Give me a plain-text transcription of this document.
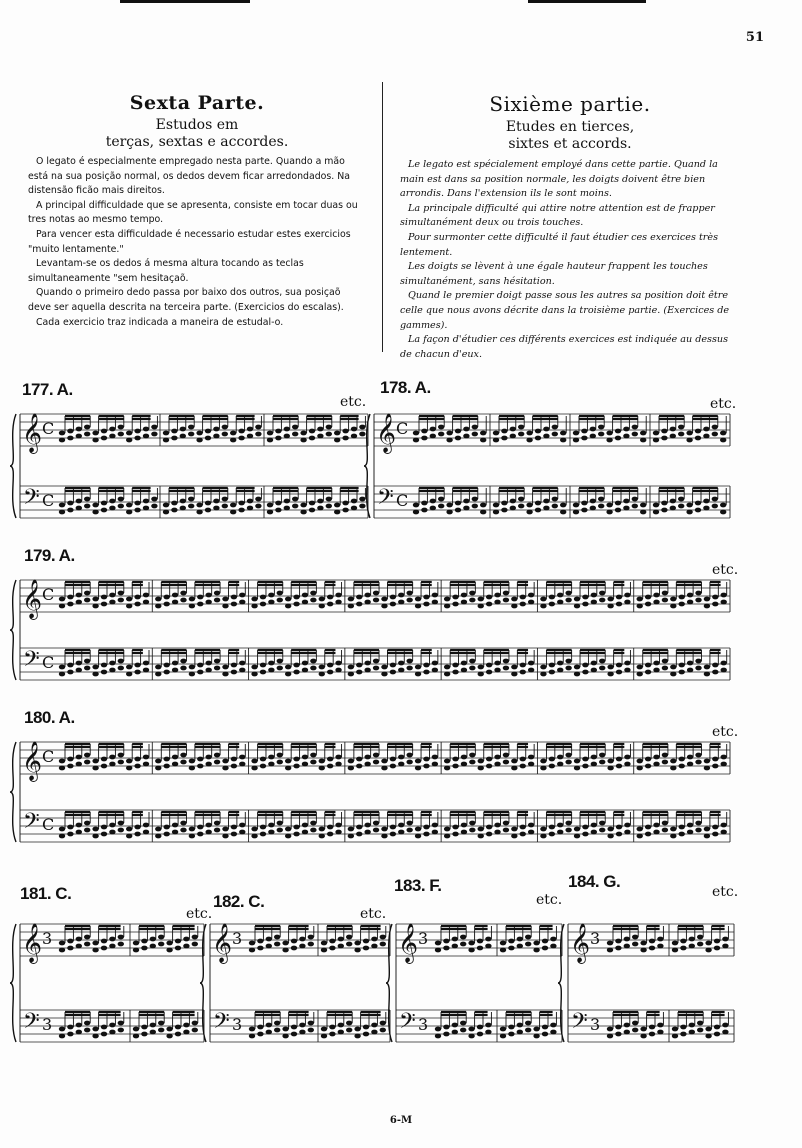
51
Sexta Parte.
Estudos em
terças, sextas e accordes.

O legato é especialmente empregado nesta parte. Quando a mão está na sua posição normal, os dedos devem ficar arredondados. Na distensão ficão mais direitos.

A principal difficuldade que se apresenta, consiste em tocar duas ou tres notas ao mesmo tempo.

Para vencer esta difficuldade é necessario estudar estes exercicios "muito lentamente."

Levantam-se os dedos á mesma altura tocando as teclas simultaneamente "sem hesitaçaõ.

Quando o primeiro dedo passa por baixo dos outros, sua posiçaõ deve ser aquella descrita na terceira parte. (Exercicios do escalas).

Cada exercicio traz indicada a maneira de estudal-o.

Sixième partie.
Etudes en tierces,
sixtes et accords.

Le legato est spécialement employé dans cette partie. Quand la main est dans sa position normale, les doigts doivent être bien arrondis. Dans l'extension ils le sont moins.

La principale difficulté qui attire notre attention est de frapper simultanément deux ou trois touches.

Pour surmonter cette difficulté il faut étudier ces exercices très lentement.

Les doigts se lèvent à une égale hauteur frappent les touches simultanément, sans hésitation.

Quand le premier doigt passe sous les autres sa position doit être celle que nous avons décrite dans la troisième partie. (Exercices de gammes).

La façon d'étudier ces différents exercices est indiquée au dessus de chacun d'eux.

𝄞
𝄢
C
C
𝄞
𝄢
C
C
𝄞
𝄢
C
C
𝄞
𝄢
C
C
𝄞
𝄢
3
3
𝄞
𝄢
3
3
𝄞
𝄢
3
3
𝄞
𝄢
3
3
177. A.	178. A.
179. A.
180. A.
181. C.	182. C.
183. F.	184. G.
etc.	etc.
etc.
etc.
etc.	etc.
etc.	etc.
6-M
